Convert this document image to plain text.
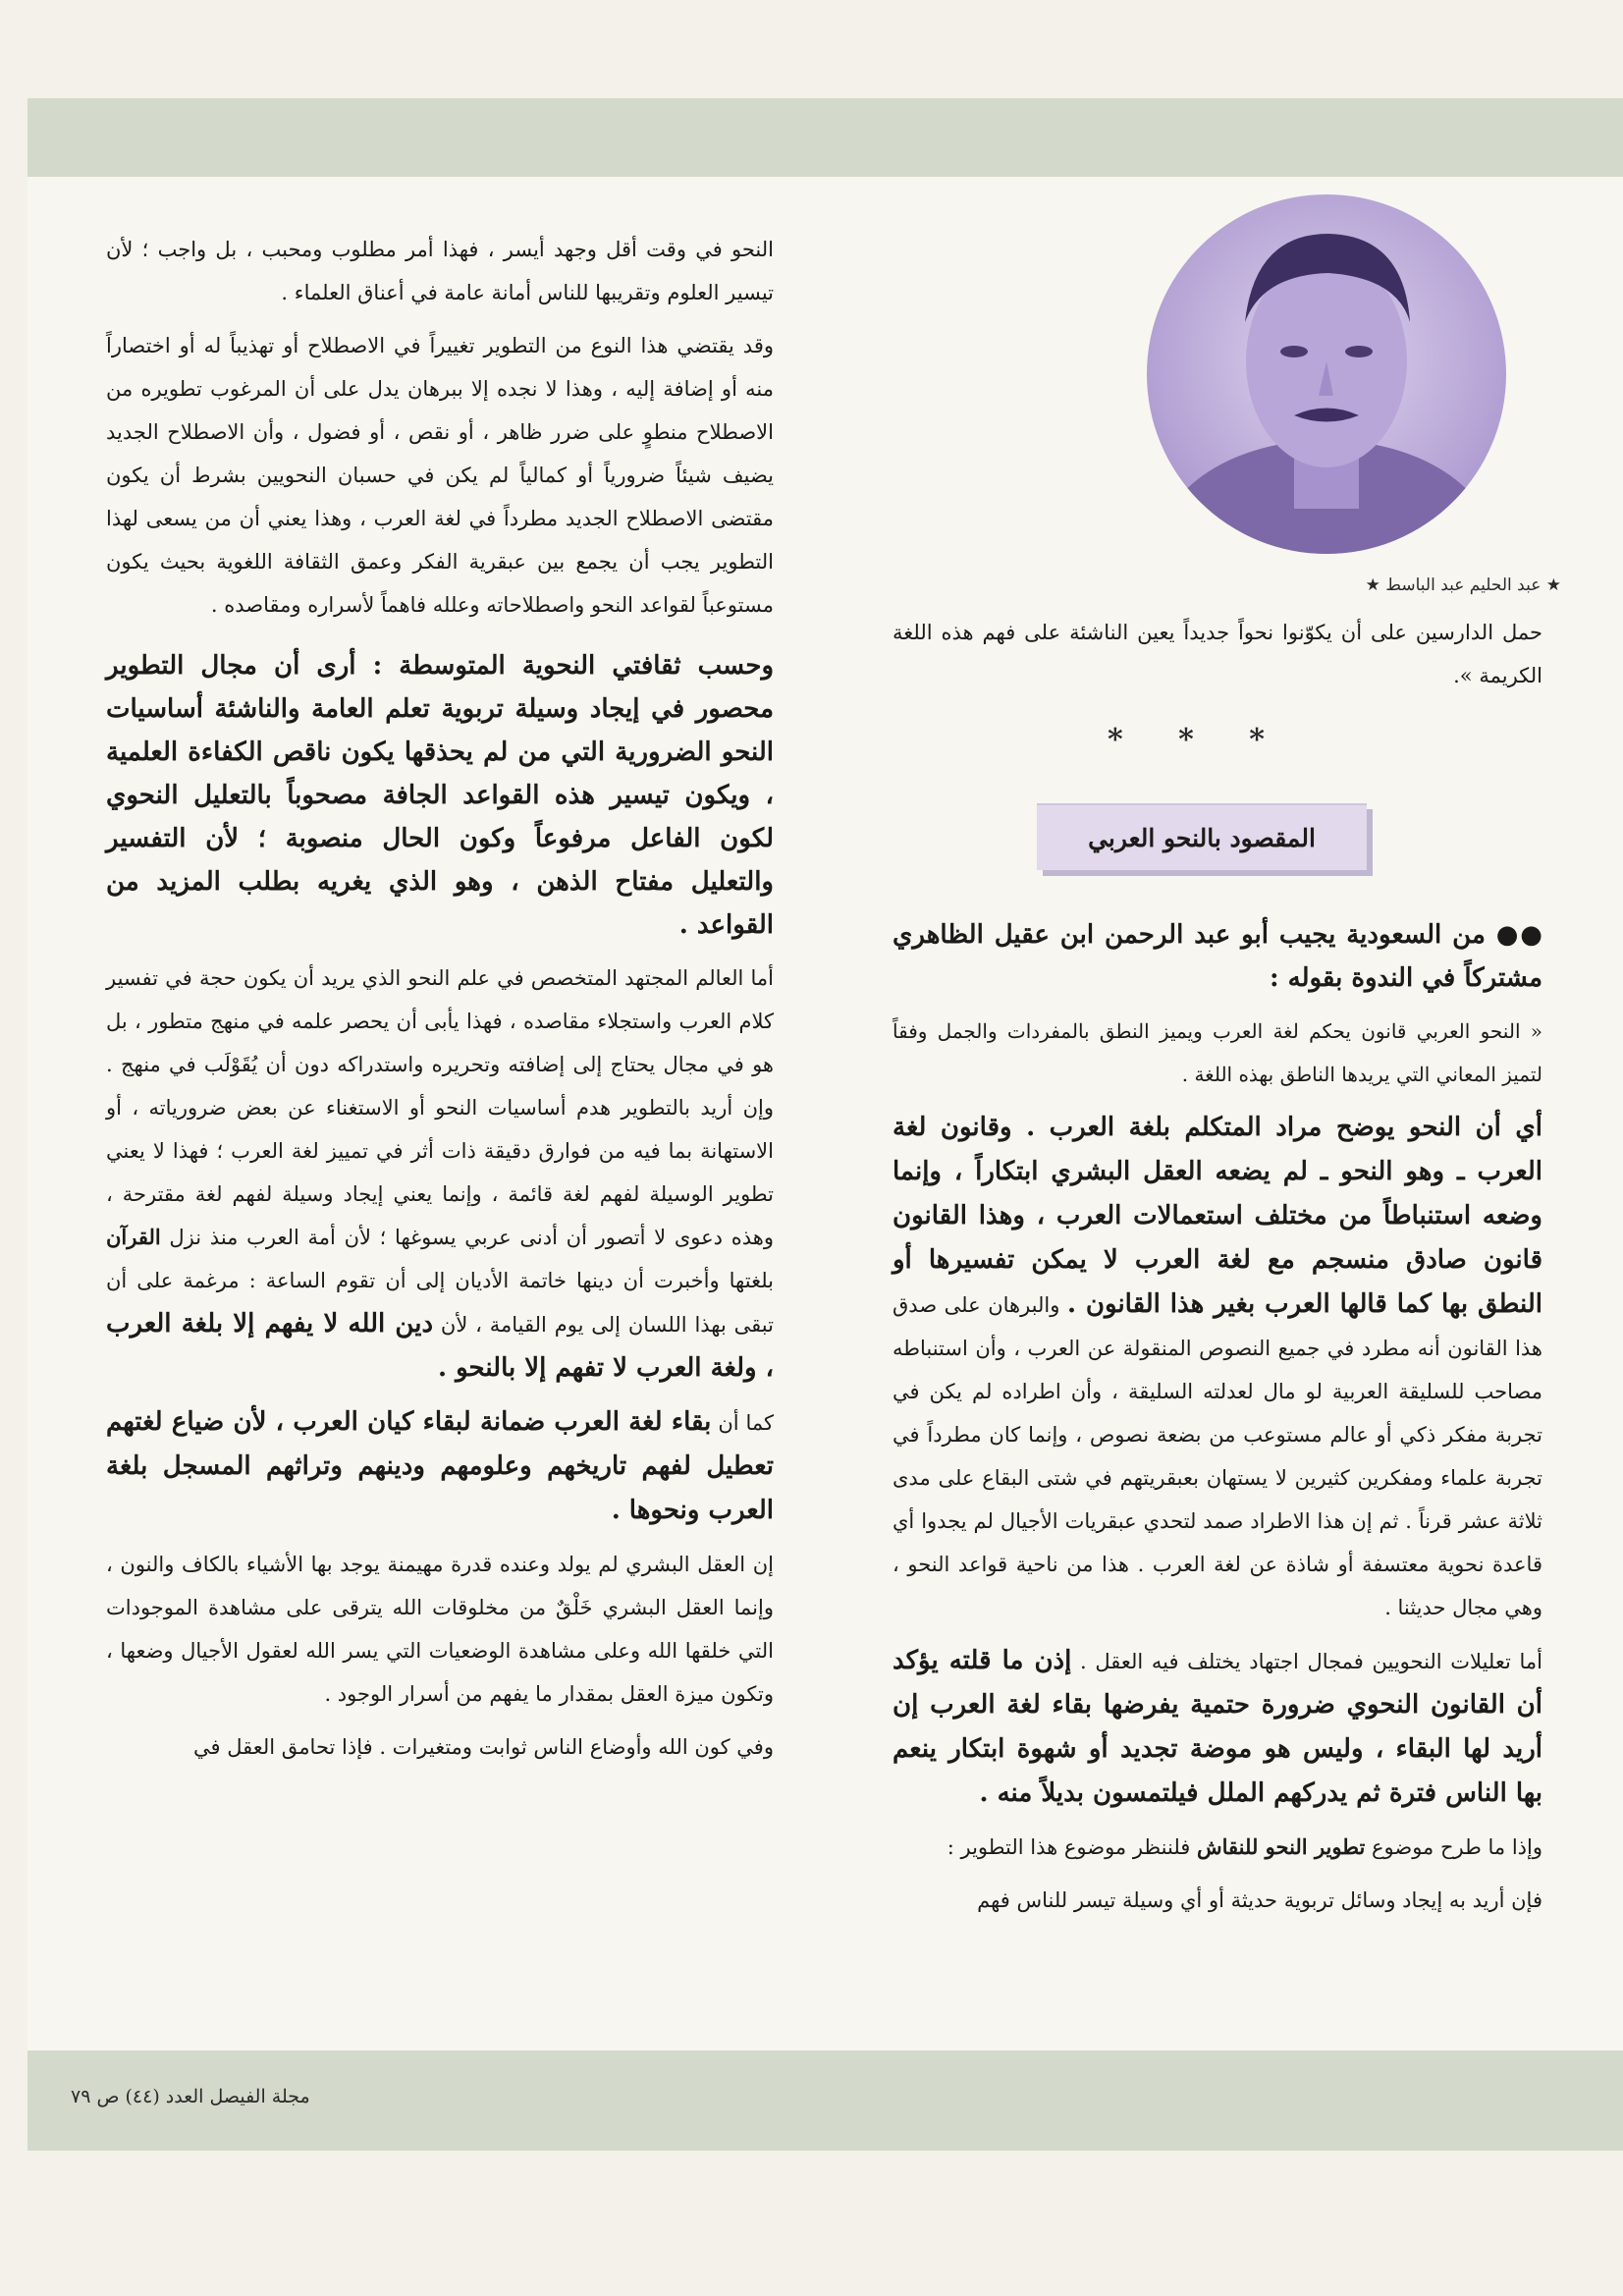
★ عبد الحليم عبد الباسط ★

حمل الدارسين على أن يكوّنوا نحواً جديداً يعين الناشئة على فهم هذه اللغة الكريمة ».

●● من السعودية يجيب أبو عبد الرحمن ابن عقيل الظاهري مشتركاً في الندوة بقوله :

« النحو العربي قانون يحكم لغة العرب ويميز النطق بالمفردات والجمل وفقاً لتميز المعاني التي يريدها الناطق بهذه اللغة .

أي أن النحو يوضح مراد المتكلم بلغة العرب . وقانون لغة العرب ـ وهو النحو ـ لم يضعه العقل البشري ابتكاراً ، وإنما وضعه استنباطاً من مختلف استعمالات العرب ، وهذا القانون قانون صادق منسجم مع لغة العرب لا يمكن تفسيرها أو النطق بها كما قالها العرب بغير هذا القانون . والبرهان على صدق هذا القانون أنه مطرد في جميع النصوص المنقولة عن العرب ، وأن استنباطه مصاحب للسليقة العربية لو مال لعدلته السليقة ، وأن اطراده لم يكن في تجربة مفكر ذكي أو عالم مستوعب من بضعة نصوص ، وإنما كان مطرداً في تجربة علماء ومفكرين كثيرين لا يستهان بعبقريتهم في شتى البقاع على مدى ثلاثة عشر قرناً . ثم إن هذا الاطراد صمد لتحدي عبقريات الأجيال لم يجدوا أي قاعدة نحوية معتسفة أو شاذة عن لغة العرب . هذا من ناحية قواعد النحو ، وهي مجال حديثنا .

أما تعليلات النحويين فمجال اجتهاد يختلف فيه العقل . إذن ما قلته يؤكد أن القانون النحوي ضرورة حتمية يفرضها بقاء لغة العرب إن أريد لها البقاء ، وليس هو موضة تجديد أو شهوة ابتكار ينعم بها الناس فترة ثم يدركهم الملل فيلتمسون بديلاً منه .

وإذا ما طرح موضوع تطوير النحو للنقاش فلننظر موضوع هذا التطوير :

فإن أريد به إيجاد وسائل تربوية حديثة أو أي وسيلة تيسر للناس فهم

*
*
*
المقصود بالنحو العربي

النحو في وقت أقل وجهد أيسر ، فهذا أمر مطلوب ومحبب ، بل واجب ؛ لأن تيسير العلوم وتقريبها للناس أمانة عامة في أعناق العلماء .

وقد يقتضي هذا النوع من التطوير تغييراً في الاصطلاح أو تهذيباً له أو اختصاراً منه أو إضافة إليه ، وهذا لا نجده إلا ببرهان يدل على أن المرغوب تطويره من الاصطلاح منطوٍ على ضرر ظاهر ، أو نقص ، أو فضول ، وأن الاصطلاح الجديد يضيف شيئاً ضرورياً أو كمالياً لم يكن في حسبان النحويين بشرط أن يكون مقتضى الاصطلاح الجديد مطرداً في لغة العرب ، وهذا يعني أن من يسعى لهذا التطوير يجب أن يجمع بين عبقرية الفكر وعمق الثقافة اللغوية بحيث يكون مستوعباً لقواعد النحو واصطلاحاته وعلله فاهماً لأسراره ومقاصده .

وحسب ثقافتي النحوية المتوسطة : أرى أن مجال التطوير محصور في إيجاد وسيلة تربوية تعلم العامة والناشئة أساسيات النحو الضرورية التي من لم يحذقها يكون ناقص الكفاءة العلمية ، ويكون تيسير هذه القواعد الجافة مصحوباً بالتعليل النحوي لكون الفاعل مرفوعاً وكون الحال منصوبة ؛ لأن التفسير والتعليل مفتاح الذهن ، وهو الذي يغريه بطلب المزيد من القواعد .

أما العالم المجتهد المتخصص في علم النحو الذي يريد أن يكون حجة في تفسير كلام العرب واستجلاء مقاصده ، فهذا يأبى أن يحصر علمه في منهج متطور ، بل هو في مجال يحتاج إلى إضافته وتحريره واستدراكه دون أن يُقَوْلَب في منهج . وإن أريد بالتطوير هدم أساسيات النحو أو الاستغناء عن بعض ضرورياته ، أو الاستهانة بما فيه من فوارق دقيقة ذات أثر في تمييز لغة العرب ؛ فهذا لا يعني تطوير الوسيلة لفهم لغة قائمة ، وإنما يعني إيجاد وسيلة لفهم لغة مقترحة ، وهذه دعوى لا أتصور أن أدنى عربي يسوغها ؛ لأن أمة العرب منذ نزل القرآن بلغتها وأخبرت أن دينها خاتمة الأديان إلى أن تقوم الساعة : مرغمة على أن تبقى بهذا اللسان إلى يوم القيامة ، لأن دين الله لا يفهم إلا بلغة العرب ، ولغة العرب لا تفهم إلا بالنحو .

كما أن بقاء لغة العرب ضمانة لبقاء كيان العرب ، لأن ضياع لغتهم تعطيل لفهم تاريخهم وعلومهم ودينهم وتراثهم المسجل بلغة العرب ونحوها .

إن العقل البشري لم يولد وعنده قدرة مهيمنة يوجد بها الأشياء بالكاف والنون ، وإنما العقل البشري خَلْقٌ من مخلوقات الله يترقى على مشاهدة الموجودات التي خلقها الله وعلى مشاهدة الوضعيات التي يسر الله لعقول الأجيال وضعها ، وتكون ميزة العقل بمقدار ما يفهم من أسرار الوجود .

وفي كون الله وأوضاع الناس ثوابت ومتغيرات . فإذا تحامق العقل في

مجلة الفيصل العدد (٤٤) ص ٧٩
